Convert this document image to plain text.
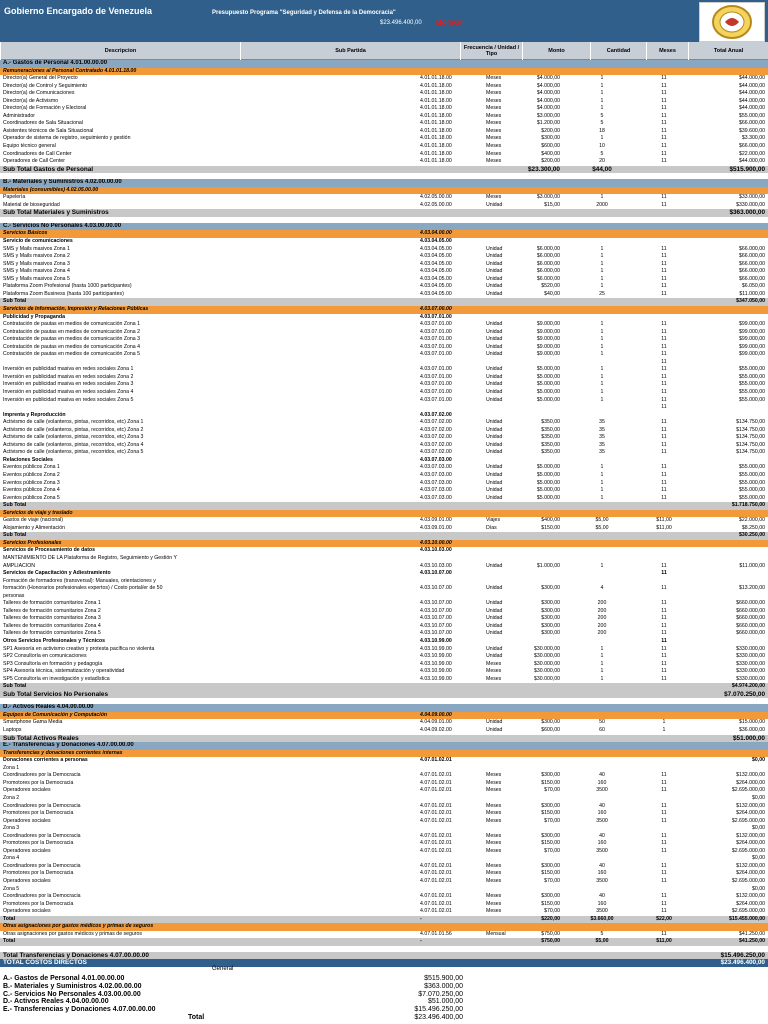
Gobierno Encargado de Venezuela	Presupuesto Programa "Seguridad y Defensa de la Democracia"
$23.496.400,00 Bolivar
Descripcion	Sub Partida	Frecuencia / Unidad / Tipo	Monto	Cantidad	Meses	Total Anual
A.- Gastos de Personal 4.01.00.00.00
Remuneraciones al Personal Contratado 4.01.01.18.00
Director(a) General del Proyecto	4.01.01.18.00	Meses	$4.000,00	1	11	$44.000,00
Director(a) de Control y Seguimiento	4.01.01.18.00	Meses	$4.000,00	1	11	$44.000,00
Director(a) de Comunicaciones	4.01.01.18.00	Meses	$4.000,00	1	11	$44.000,00
Director(a) de Activismo	4.01.01.18.00	Meses	$4.000,00	1	11	$44.000,00
Director(a) de Formación y Electoral	4.01.01.18.00	Meses	$4.000,00	1	11	$44.000,00
Administrador	4.01.01.18.00	Meses	$3.000,00	5	11	$55.000,00
Coordinadores de Sala Situacional	4.01.01.18.00	Meses	$1.200,00	5	11	$66.000,00
Asistentes técnicos de Sala Situacional	4.01.01.18.00	Meses	$200,00	18	11	$39.600,00
Operador de sistema de registro, seguimiento y gestión	4.01.01.18.00	Meses	$300,00	1	11	$3.300,00
Equipo técnico general	4.01.01.18.00	Meses	$600,00	10	11	$66.000,00
Coordinadores de Call Center	4.01.01.18.00	Meses	$400,00	5	11	$22.000,00
Operadores de Call Center	4.01.01.18.00	Meses	$200,00	20	11	$44.000,00
Sub Total Gastos de Personal	$23.300,00	$44,00	$515.900,00
B.- Materiales y Suministros 4.02.00.00.00
Materiales (consumibles) 4.02.05.00.00
Papelería	4.02.05.00.00	Meses	$3.000,00	1	11	$33.000,00
Material de bioseguridad	4.02.05.00.00	Unidad	$15,00	2000	11	$330.000,00
Sub Total Materiales y Suministros	$363.000,00
C.- Servicios No Personales 4.03.00.00.00
Servicios Básicos	4.03.04.00.00
Servicio de comunicaciones	4.03.04.05.00
SMS y Mails masivos Zona 1	4.03.04.05.00	Unidad	$6.000,00	1	11	$66.000,00
SMS y Mails masivos Zona 2	4.03.04.05.00	Unidad	$6.000,00	1	11	$66.000,00
SMS y Mails masivos Zona 3	4.03.04.05.00	Unidad	$6.000,00	1	11	$66.000,00
SMS y Mails masivos Zona 4	4.03.04.05.00	Unidad	$6.000,00	1	11	$66.000,00
SMS y Mails masivos Zona 5	4.03.04.05.00	Unidad	$6.000,00	1	11	$66.000,00
Plataforma Zoom Profesional (hasta 1000 participantes)	4.03.04.05.00	Unidad	$520,00	1	11	$6.050,00
Plataforma Zoom Business (hasta 100 participantes)	4.03.04.05.00	Unidad	$40,00	25	11	$11.000,00
Sub Total	$347.050,00
Servicios de Información, Impresión y Relaciones Públicas	4.03.07.00.00
Publicidad y Propaganda	4.03.07.01.00
Contratación de pautas en medios de comunicación Zona 1	4.03.07.01.00	Unidad	$9.000,00	1	11	$99.000,00
Contratación de pautas en medios de comunicación Zona 2	4.03.07.01.00	Unidad	$9.000,00	1	11	$99.000,00
Contratación de pautas en medios de comunicación Zona 3	4.03.07.01.00	Unidad	$9.000,00	1	11	$99.000,00
Contratación de pautas en medios de comunicación Zona 4	4.03.07.01.00	Unidad	$9.000,00	1	11	$99.000,00
Contratación de pautas en medios de comunicación Zona 5	4.03.07.01.00	Unidad	$9.000,00	1	11	$99.000,00
11
Inversión en publicidad masiva en redes sociales Zona 1	4.03.07.01.00	Unidad	$5.000,00	1	11	$55.000,00
Inversión en publicidad masiva en redes sociales Zona 2	4.03.07.01.00	Unidad	$5.000,00	1	11	$55.000,00
Inversión en publicidad masiva en redes sociales Zona 3	4.03.07.01.00	Unidad	$5.000,00	1	11	$55.000,00
Inversión en publicidad masiva en redes sociales Zona 4	4.03.07.01.00	Unidad	$5.000,00	1	11	$55.000,00
Inversión en publicidad masiva en redes sociales Zona 5	4.03.07.01.00	Unidad	$5.000,00	1	11	$55.000,00
11
Imprenta y Reproducción	4.03.07.02.00
Activismo de calle (volanteros, pintas, recorridos, etc) Zona 1	4.03.07.02.00	Unidad	$350,00	35	11	$134.750,00
Activismo de calle (volanteros, pintas, recorridos, etc) Zona 2	4.03.07.02.00	Unidad	$350,00	35	11	$134.750,00
Activismo de calle (volanteros, pintas, recorridos, etc) Zona 3	4.03.07.02.00	Unidad	$350,00	35	11	$134.750,00
Activismo de calle (volanteros, pintas, recorridos, etc) Zona 4	4.03.07.02.00	Unidad	$350,00	35	11	$134.750,00
Activismo de calle (volanteros, pintas, recorridos, etc) Zona 5	4.03.07.02.00	Unidad	$350,00	35	11	$134.750,00
Relaciones Sociales	4.03.07.03.00
Eventos públicos Zona 1	4.03.07.03.00	Unidad	$5.000,00	1	11	$55.000,00
Eventos públicos Zona 2	4.03.07.03.00	Unidad	$5.000,00	1	11	$55.000,00
Eventos públicos Zona 3	4.03.07.03.00	Unidad	$5.000,00	1	11	$55.000,00
Eventos públicos Zona 4	4.03.07.03.00	Unidad	$5.000,00	1	11	$55.000,00
Eventos públicos Zona 5	4.03.07.03.00	Unidad	$5.000,00	1	11	$55.000,00
Sub Total	$1.718.750,00
Servicios de viaje y traslado
Gastos de viaje (nacional)	4.03.09.01.00	Viajes	$400,00	$5,00	$11,00	$22.000,00
Alojamiento y Alimentación	4.03.09.01.00	Días	$150,00	$5,00	$11,00	$8.250,00
Sub Total	$30.250,00
Servicios Profesionales	4.03.10.00.00
Servicios de Procesamiento de datos	4.03.10.03.00
MANTENIMIENTO DE LA Plataforma de Registro, Seguimiento y Gestión Y
AMPLIACIÓN	4.03.10.03.00	Unidad	$1.000,00	1	11	$11.000,00
Servicios de Capacitación y Adiestramiento	4.03.10.07.00	11
Formación de formadores (transversal): Manuales, orientaciones y
formación (Honorarios profesionales expertos) / Costo portal/er de 50	4.03.10.07.00	Unidad	$300,00	4	11	$13.200,00
personas
Talleres de formación comunitarios Zona 1	4.03.10.07.00	Unidad	$300,00	200	11	$660.000,00
Talleres de formación comunitarios Zona 2	4.03.10.07.00	Unidad	$300,00	200	11	$660.000,00
Talleres de formación comunitarios Zona 3	4.03.10.07.00	Unidad	$300,00	200	11	$660.000,00
Talleres de formación comunitarios Zona 4	4.03.10.07.00	Unidad	$300,00	200	11	$660.000,00
Talleres de formación comunitarios Zona 5	4.03.10.07.00	Unidad	$300,00	200	11	$660.000,00
Otros Servicios Profesionales y Técnicos	4.03.10.99.00	11
SP1 Asesoría en activismo creativo y protesta pacífica no violenta	4.03.10.99.00	Unidad	$30.000,00	1	11	$330.000,00
SP2 Consultoría en comunicaciones	4.03.10.99.00	Unidad	$30.000,00	1	11	$330.000,00
SP3 Consultoría en formación y pedagogía	4.03.10.99.00	Meses	$30.000,00	1	11	$330.000,00
SP4 Asesoría técnica, sistematización y operatividad	4.03.10.99.00	Meses	$30.000,00	1	11	$330.000,00
SP5 Consultoría en investigación y estadística	4.03.10.99.00	Meses	$30.000,00	1	11	$330.000,00
Sub Total	$4.974.200,00
Sub Total Servicios No Personales	$7.070.250,00
D.- Activos Reales 4.04.00.00.00
Equipos de Comunicación y Computación	4.04.09.00.00
Smartphone Gama Media	4.04.09.01.00	Unidad	$300,00	50	1	$15.000,00
Laptops	4.04.09.02.00	Unidad	$600,00	60	1	$36.000,00
Sub Total Activos Reales	$51.000,00
E.- Transferencias y Donaciones 4.07.00.00.00
Transferencias y donaciones corrientes internas
Donaciones corrientes a personas	4.07.01.02.01	$0,00
Zona 1
Coordinadores por la Democracia	4.07.01.02.01	Meses	$300,00	40	11	$132.000,00
Promotores por la Democracia	4.07.01.02.01	Meses	$150,00	160	11	$264.000,00
Operadores sociales	4.07.01.02.01	Meses	$70,00	3500	11	$2.695.000,00
Zona 2	$0,00
Coordinadores por la Democracia	4.07.01.02.01	Meses	$300,00	40	11	$132.000,00
Promotores por la Democracia	4.07.01.02.01	Meses	$150,00	160	11	$264.000,00
Operadores sociales	4.07.01.02.01	Meses	$70,00	3500	11	$2.695.000,00
Zona 3	$0,00
Coordinadores por la Democracia	4.07.01.02.01	Meses	$300,00	40	11	$132.000,00
Promotores por la Democracia	4.07.01.02.01	Meses	$150,00	160	11	$264.000,00
Operadores sociales	4.07.01.02.01	Meses	$70,00	3500	11	$2.695.000,00
Zona 4	$0,00
Coordinadores por la Democracia	4.07.01.02.01	Meses	$300,00	40	11	$132.000,00
Promotores por la Democracia	4.07.01.02.01	Meses	$150,00	160	11	$264.000,00
Operadores sociales	4.07.01.02.01	Meses	$70,00	3500	11	$2.695.000,00
Zona 5	$0,00
Coordinadores por la Democracia	4.07.01.02.01	Meses	$300,00	40	11	$132.000,00
Promotores por la Democracia	4.07.01.02.01	Meses	$150,00	160	11	$264.000,00
Operadores sociales	4.07.01.02.01	Meses	$70,00	3500	11	$2.695.000,00
Total	-	$220,00	$3.660,00	$22,00	$15.455.000,00
Otras asignaciones por gastos médicos y primas de seguros
Otras asignaciones por gastos médicos y primas de seguros	4.07.01.01.56	Mensual	$750,00	5	11	$41.250,00
Total	-	$750,00	$5,00	$11,00	$41.250,00
Total Transferencias y Donaciones 4.07.00.00.00	$15.496.250,00
TOTAL COSTOS DIRECTOS	$23.496.400,00
General
A.- Gastos de Personal 4.01.00.00.00	$515.900,00
B.- Materiales y Suministros 4.02.00.00.00	$363.000,00
C.- Servicios No Personales 4.03.00.00.00	$7.070.250,00
D.- Activos Reales 4.04.00.00.00	$51.000,00
E.- Transferencias y Donaciones 4.07.00.00.00	$15.496.250,00
Total	$23.496.400,00
